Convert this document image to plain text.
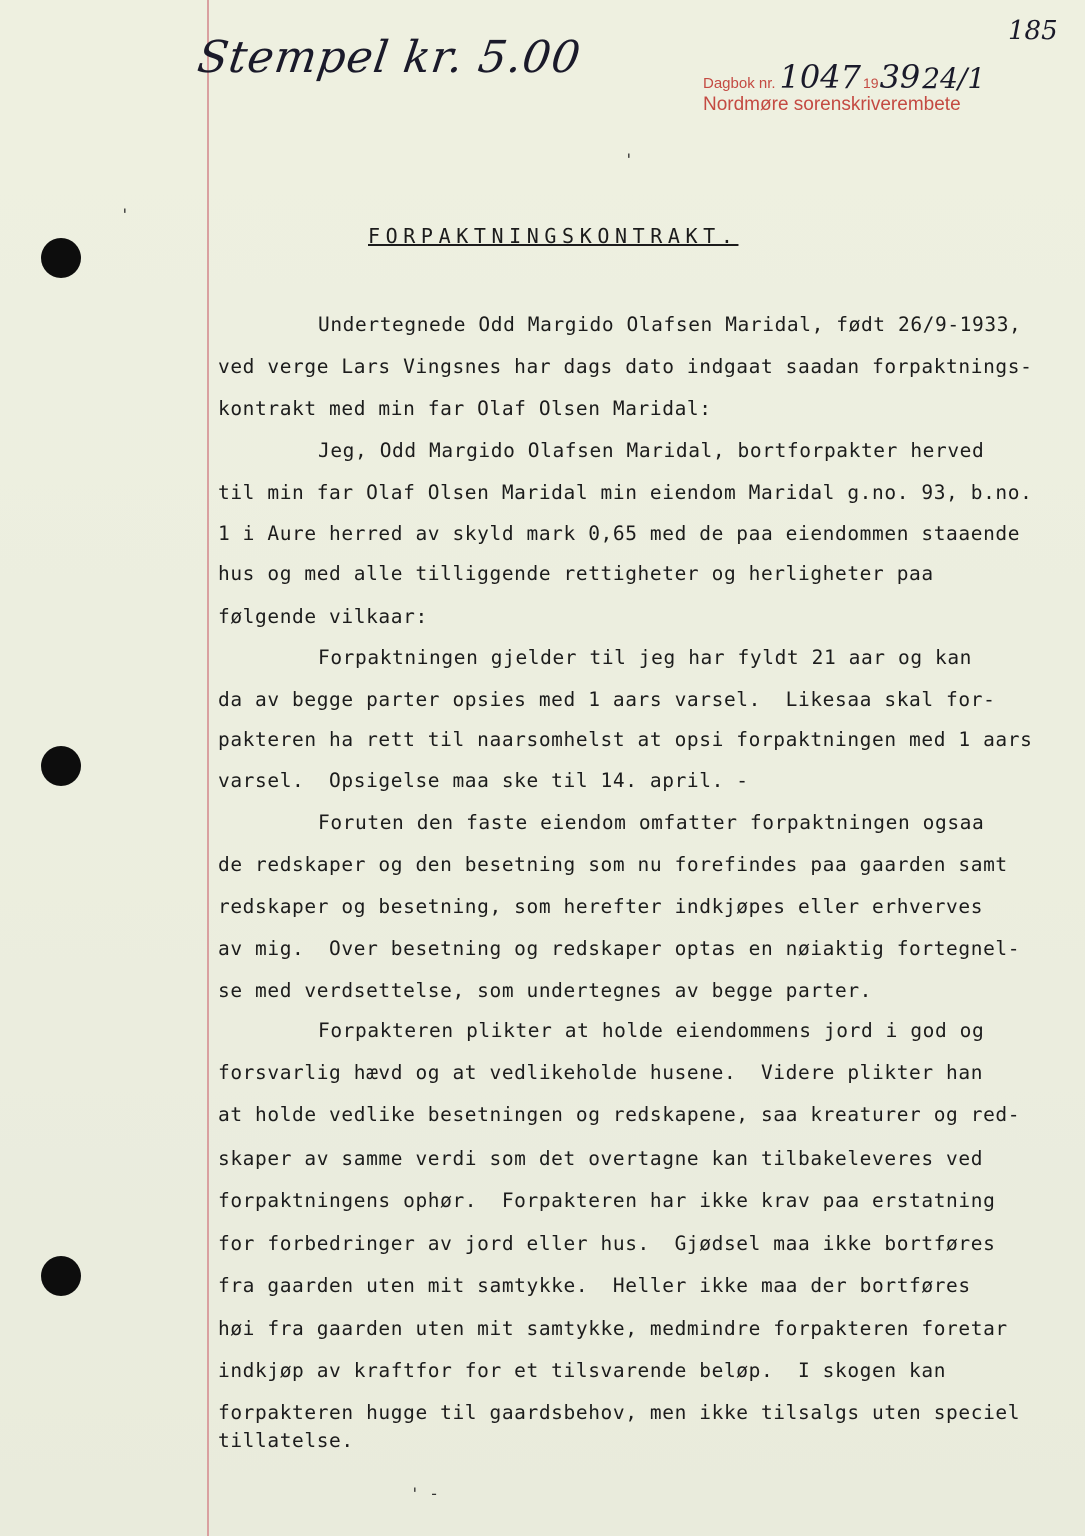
Stempel kr. 5.00
185
Dagbok nr. 1047 19 39 24/1
Nordmøre sorenskriverembete
'
'
FORPAKTNINGSKONTRAKT.
Undertegnede Odd Margido Olafsen Maridal, født 26/9-1933,
ved verge Lars Vingsnes har dags dato indgaat saadan forpaktnings-
kontrakt med min far Olaf Olsen Maridal:
Jeg, Odd Margido Olafsen Maridal, bortforpakter herved
til min far Olaf Olsen Maridal min eiendom Maridal g.no. 93, b.no.
1 i Aure herred av skyld mark 0,65 med de paa eiendommen staaende
hus og med alle tilliggende rettigheter og herligheter paa
følgende vilkaar:
Forpaktningen gjelder til jeg har fyldt 21 aar og kan
da av begge parter opsies med 1 aars varsel.  Likesaa skal for-
pakteren ha rett til naarsomhelst at opsi forpaktningen med 1 aars
varsel.  Opsigelse maa ske til 14. april. -
Foruten den faste eiendom omfatter forpaktningen ogsaa
de redskaper og den besetning som nu forefindes paa gaarden samt
redskaper og besetning, som herefter indkjøpes eller erhverves
av mig.  Over besetning og redskaper optas en nøiaktig fortegnel-
se med verdsettelse, som undertegnes av begge parter.
Forpakteren plikter at holde eiendommens jord i god og
forsvarlig hævd og at vedlikeholde husene.  Videre plikter han
at holde vedlike besetningen og redskapene, saa kreaturer og red-
skaper av samme verdi som det overtagne kan tilbakeleveres ved
forpaktningens ophør.  Forpakteren har ikke krav paa erstatning
for forbedringer av jord eller hus.  Gjødsel maa ikke bortføres
fra gaarden uten mit samtykke.  Heller ikke maa der bortføres
høi fra gaarden uten mit samtykke, medmindre forpakteren foretar
indkjøp av kraftfor for et tilsvarende beløp.  I skogen kan
forpakteren hugge til gaardsbehov, men ikke tilsalgs uten speciel
tillatelse.
' -
